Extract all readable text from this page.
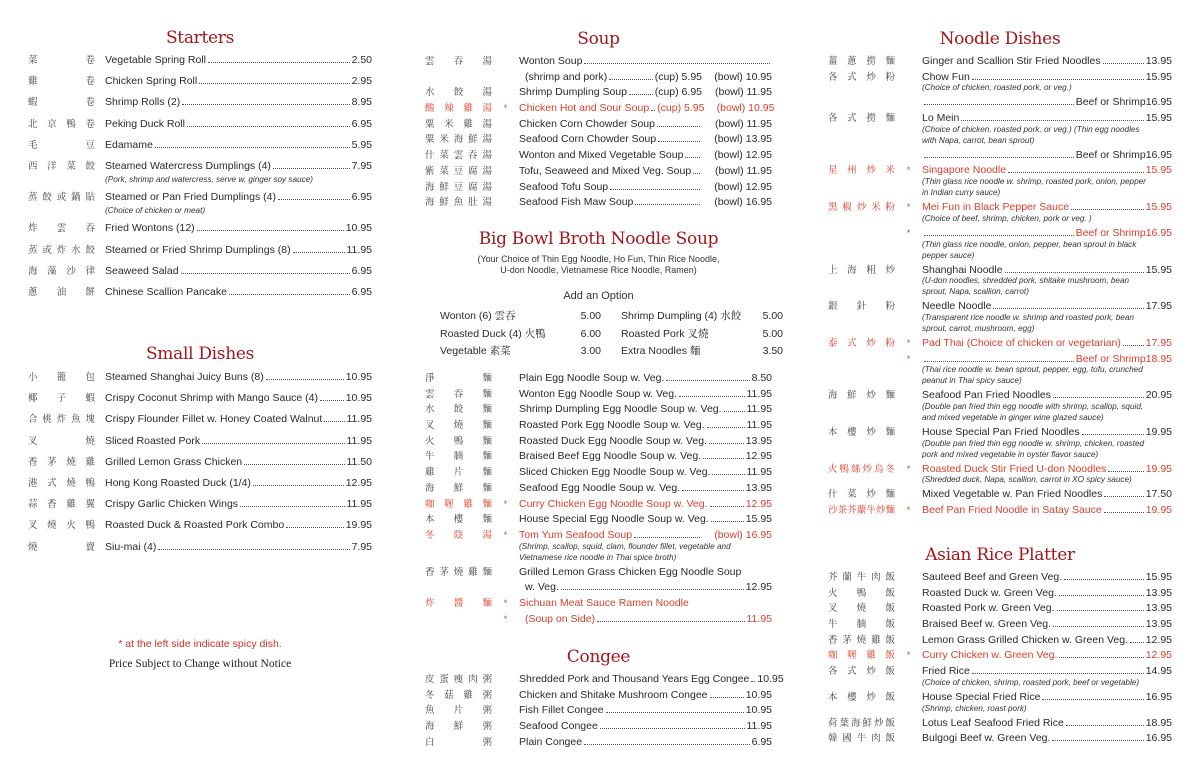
Starters
菜卷 Vegetable Spring Roll	2.50
雞卷 Chicken Spring Roll	2.95
蝦卷 Shrimp Rolls (2)	8.95
北京鴨卷 Peking Duck Roll	6.95
毛豆 Edamame	5.95
西洋菜餃 Steamed Watercress Dumplings (4)	7.95
(Pork, shrimp and watercress, serve w. ginger soy sauce)
蒸餃或鍋貼 Steamed or Pan Fried Dumplings (4)	6.95
(Choice of chicken or meat)
炸雲吞 Fried Wontons (12)	10.95
蒸或炸水餃 Steamed or Fried Shrimp Dumplings (8)	11.95
海藻沙律 Seaweed Salad	6.95
蔥油餅 Chinese Scallion Pancake	6.95
Small Dishes
小籠包 Steamed Shanghai Juicy Buns (8)	10.95
椰子蝦 Crispy Coconut Shrimp with Mango Sauce (4)	10.95
合桃炸魚塊 Crispy Flounder Fillet w. Honey Coated Walnut 11.95
叉燒 Sliced Roasted Pork	11.95
香茅燒雞 Grilled Lemon Grass Chicken	11.50
港式燒鴨 Hong Kong Roasted Duck (1/4)	12.95
蒜香雞翼 Crispy Garlic Chicken Wings	11.95
叉燒火鴨 Roasted Duck & Roasted Pork Combo	19.95
燒賣 Siu-mai (4)	7.95
* at the left side indicate spicy dish.
Price Subject to Change without Notice
Soup
雲吞湯	Wonton Soup
(shrimp and pork)	(cup) 5.95 (bowl) 10.95
水餃湯	Shrimp Dumpling Soup	(cup) 6.95 (bowl) 11.95
酸辣雞湯	*	Chicken Hot and Sour Soup (cup) 5.95 (bowl) 10.95
粟米雞湯	Chicken Corn Chowder Soup	(bowl) 11.95
粟米海鮮湯	Seafood Corn Chowder Soup	(bowl) 13.95
什菜雲吞湯	Wonton and Mixed Vegetable Soup	(bowl) 12.95
紫菜豆腐湯	Tofu, Seaweed and Mixed Veg. Soup (bowl) 11.95
海鮮豆腐湯	Seafood Tofu Soup	(bowl) 12.95
海鮮魚肚湯	Seafood Fish Maw Soup	(bowl) 16.95
Big Bowl Broth Noodle Soup
(Your Choice of Thin Egg Noodle, Ho Fun, Thin Rice Noodle,
U-don Noodle, Vietnamese Rice Noodle, Ramen)
Add an Option
Wonton (6) 雲吞	5.00 Shrimp Dumpling (4) 水餃	5.00
Roasted Duck (4) 火鴨	6.00 Roasted Pork 叉燒	5.00
Vegetable 素菜	3.00 Extra Noodles 麵	3.50
淨麵	Plain Egg Noodle Soup w. Veg.	8.50
雲吞麵	Wonton Egg Noodle Soup w. Veg.	11.95
水餃麵	Shrimp Dumpling Egg Noodle Soup w. Veg. 11.95
叉燒麵	Roasted Pork Egg Noodle Soup w. Veg.	11.95
火鴨麵	Roasted Duck Egg Noodle Soup w. Veg.	13.95
牛腩麵	Braised Beef Egg Noodle Soup w. Veg.	12.95
雞片麵	Sliced Chicken Egg Noodle Soup w. Veg.	11.95
海鮮麵	Seafood Egg Noodle Soup w. Veg.	13.95
咖喱雞麵	*	Curry Chicken Egg Noodle Soup w. Veg.	12.95
本樓麵	House Special Egg Noodle Soup w. Veg.	15.95
冬陰湯	*	Tom Yum Seafood Soup	(bowl) 16.95
(Shrimp, scallop, squid, clam, flounder fillet, vegetable and Vietnamese rice noodle in Thai spice broth)
香茅燒雞麵	Grilled Lemon Grass Chicken Egg Noodle Soup
w. Veg.	12.95
炸醬麵	*	Sichuan Meat Sauce Ramen Noodle
*	(Soup on Side)	11.95
Congee
皮蛋瘦肉粥	Shredded Pork and Thousand Years Egg Congee 10.95
冬菇雞粥	Chicken and Shitake Mushroom Congee	10.95
魚片粥	Fish Fillet Congee	10.95
海鮮粥	Seafood Congee	11.95
白粥	Plain Congee	6.95
Noodle Dishes
薑蔥撈麵	Ginger and Scallion Stir Fried Noodles	13.95
各式炒粉	Chow Fun	15.95
(Choice of chicken, roasted pork, or veg.)
Beef or Shrimp 16.95
各式撈麵	Lo Mein	15.95
(Choice of chicken, roasted pork, or veg.) (Thin egg noodles with Napa, carrot, bean sprout)
Beef or Shrimp 16.95
星州炒米	*	Singapore Noodle	15.95
(Thin glass rice noodle w. shrimp, roasted pork, onion, pepper in Indian curry sauce)
黑椒炒米粉	*	Mei Fun in Black Pepper Sauce	15.95
(Choice of beef, shrimp, chicken, pork or veg. )
*	Beef or Shrimp 16.95
(Thin glass rice noodle, onion, pepper, bean sprout in black pepper sauce)
上海粗炒	Shanghai Noodle	15.95
(U-don noodles, shredded pork, shitake mushroom, bean sprout, Napa, scallion, carrot)
銀針粉	Needle Noodle	17.95
(Transparent rice noodle w. shrimp and roasted pork, bean sprout, carrot, mushroom, egg)
泰式炒粉	*	Pad Thai (Choice of chicken or vegetarian) 17.95
*	Beef or Shrimp 18.95
(Thai rice noodle w. bean sprout, pepper, egg, tofu, crunched peanut in Thai spicy sauce)
海鮮炒麵	Seafood Pan Fried Noodles	20.95
(Double pan fried thin egg noodle with shrimp, scallop, squid, and mixed vegetable in ginger wine glazed sauce)
本樓炒麵	House Special Pan Fried Noodles	19.95
(Double pan fried thin egg noodle w. shrimp, chicken, roasted pork and mixed vegetable in oyster flavor sauce)
火鴨絲炒烏冬	*	Roasted Duck Stir Fried U-don Noodles	19.95
(Shredded duck, Napa, scallion, carrot in XO spicy sauce)
什菜炒麵	Mixed Vegetable w. Pan Fried Noodles	17.50
沙茶芥蘭牛炒麵	*	Beef Pan Fried Noodle in Satay Sauce	19.95
Asian Rice Platter
芥蘭牛肉飯	Sauteed Beef and Green Veg.	15.95
火鴨飯	Roasted Duck w. Green Veg.	13.95
叉燒飯	Roasted Pork w. Green Veg.	13.95
牛腩飯	Braised Beef w. Green Veg.	13.95
香茅燒雞飯	Lemon Grass Grilled Chicken w. Green Veg. 12.95
咖喱雞飯	*	Curry Chicken w. Green Veg.	12.95
各式炒飯	Fried Rice	14.95
(Choice of chicken, shrimp, roasted pork, beef or vegetable)
本樓炒飯	House Special Fried Rice	16.95
(Shrimp, chicken, roast pork)
荷葉海鮮炒飯	Lotus Leaf Seafood Fried Rice	18.95
韓國牛肉飯	Bulgogi Beef w. Green Veg.	16.95
